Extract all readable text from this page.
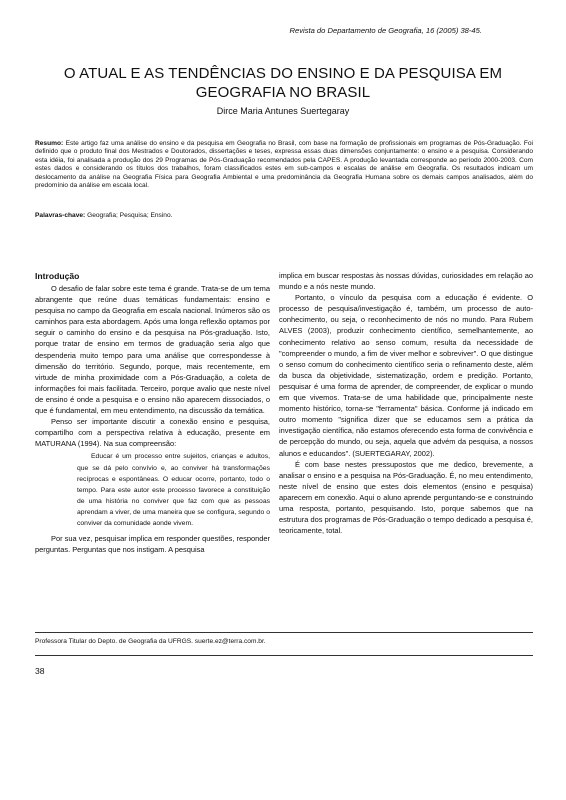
Revista do Departamento de Geografia, 16 (2005) 38-45.
O ATUAL E AS TENDÊNCIAS DO ENSINO E DA PESQUISA EM
GEOGRAFIA NO BRASIL
Dirce Maria Antunes Suertegaray
Resumo: Este artigo faz uma análise do ensino e da pesquisa em Geografia no Brasil, com base na formação de profissionais em programas de Pós-Graduação. Foi definido que o produto final dos Mestrados e Doutorados, dissertações e teses, expressa essas duas dimensões conjuntamente: o ensino e a pesquisa. Considerando esta idéia, foi analisada a produção dos 29 Programas de Pós-Graduação recomendados pela CAPES. A produção levantada corresponde ao período 2000-2003. Com estes dados e considerando os títulos dos trabalhos, foram classificados estes em sub-campos e escalas de análise em Geografia. Os resultados indicam um deslocamento da análise na Geografia Física para Geografia Ambiental e uma predominância da Geografia Humana sobre os demais campos analisados, além do predomínio da análise em escala local.
Palavras-chave: Geografia; Pesquisa; Ensino.
Introdução

O desafio de falar sobre este tema é grande. Trata-se de um tema abrangente que reúne duas temáticas fundamentais: ensino e pesquisa no campo da Geografia em escala nacional. Inúmeros são os caminhos para esta abordagem. Após uma longa reflexão optamos por seguir o caminho do ensino e da pesquisa na Pós-graduação. Isto, porque tratar de ensino em termos de graduação seria algo que despenderia muito tempo para uma análise que correspondesse à dimensão do território. Segundo, porque, mais recentemente, em virtude de minha proximidade com a Pós-Graduação, a coleta de informações foi mais facilitada. Terceiro, porque avalio que neste nível de ensino é onde a pesquisa e o ensino não aparecem dissociados, o que é fundamental, em meu entendimento, na discussão da temática.

Penso ser importante discutir a conexão ensino e pesquisa, compartilho com a perspectiva relativa à educação, presente em MATURANA (1994). Na sua compreensão:

Educar é um processo entre sujeitos, crianças e adultos, que se dá pelo convívio e, ao conviver há transformações recíprocas e espontâneas. O educar ocorre, portanto, todo o tempo. Para este autor este processo favorece a constituição de uma história no conviver que faz com que as pessoas aprendam a viver, de uma maneira que se configura, segundo o conviver da comunidade aonde vivem.

Por sua vez, pesquisar implica em responder questões, responder perguntas. Perguntas que nos instigam. A pesquisa

implica em buscar respostas às nossas dúvidas, curiosidades em relação ao mundo e a nós neste mundo.

Portanto, o vínculo da pesquisa com a educação é evidente. O processo de pesquisa/investigação é, também, um processo de auto-conhecimento, ou seja, o reconhecimento de nós no mundo. Para Rubem ALVES (2003), produzir conhecimento científico, semelhantemente, ao conhecimento relativo ao senso comum, resulta da necessidade de "compreender o mundo, a fim de viver melhor e sobreviver". O que distingue o senso comum do conhecimento científico seria o refinamento deste, além da busca da objetividade, sistematização, ordem e predição. Portanto, pesquisar é uma forma de aprender, de compreender, de explicar o mundo em que vivemos. Trata-se de uma habilidade que, principalmente neste momento histórico, torna-se "ferramenta" básica. Conforme já indicado em outro momento "significa dizer que se educamos sem a prática da investigação científica, não estamos oferecendo esta forma de convivência e de percepção do mundo, ou seja, aquela que advém da pesquisa, a nossos alunos e educandos". (SUERTEGARAY, 2002).

É com base nestes pressupostos que me dedico, brevemente, a analisar o ensino e a pesquisa na Pós-Graduação. É, no meu entendimento, neste nível de ensino que estes dois elementos (ensino e pesquisa) aparecem em conexão. Aqui o aluno aprende perguntando-se e construindo uma resposta, portanto, pesquisando. Isto, porque sabemos que na estrutura dos programas de Pós-Graduação o tempo dedicado a pesquisa é, teoricamente, total.

Professora Titular do Depto. de Geografia da UFRGS. suerte.ez@terra.com.br.
38
